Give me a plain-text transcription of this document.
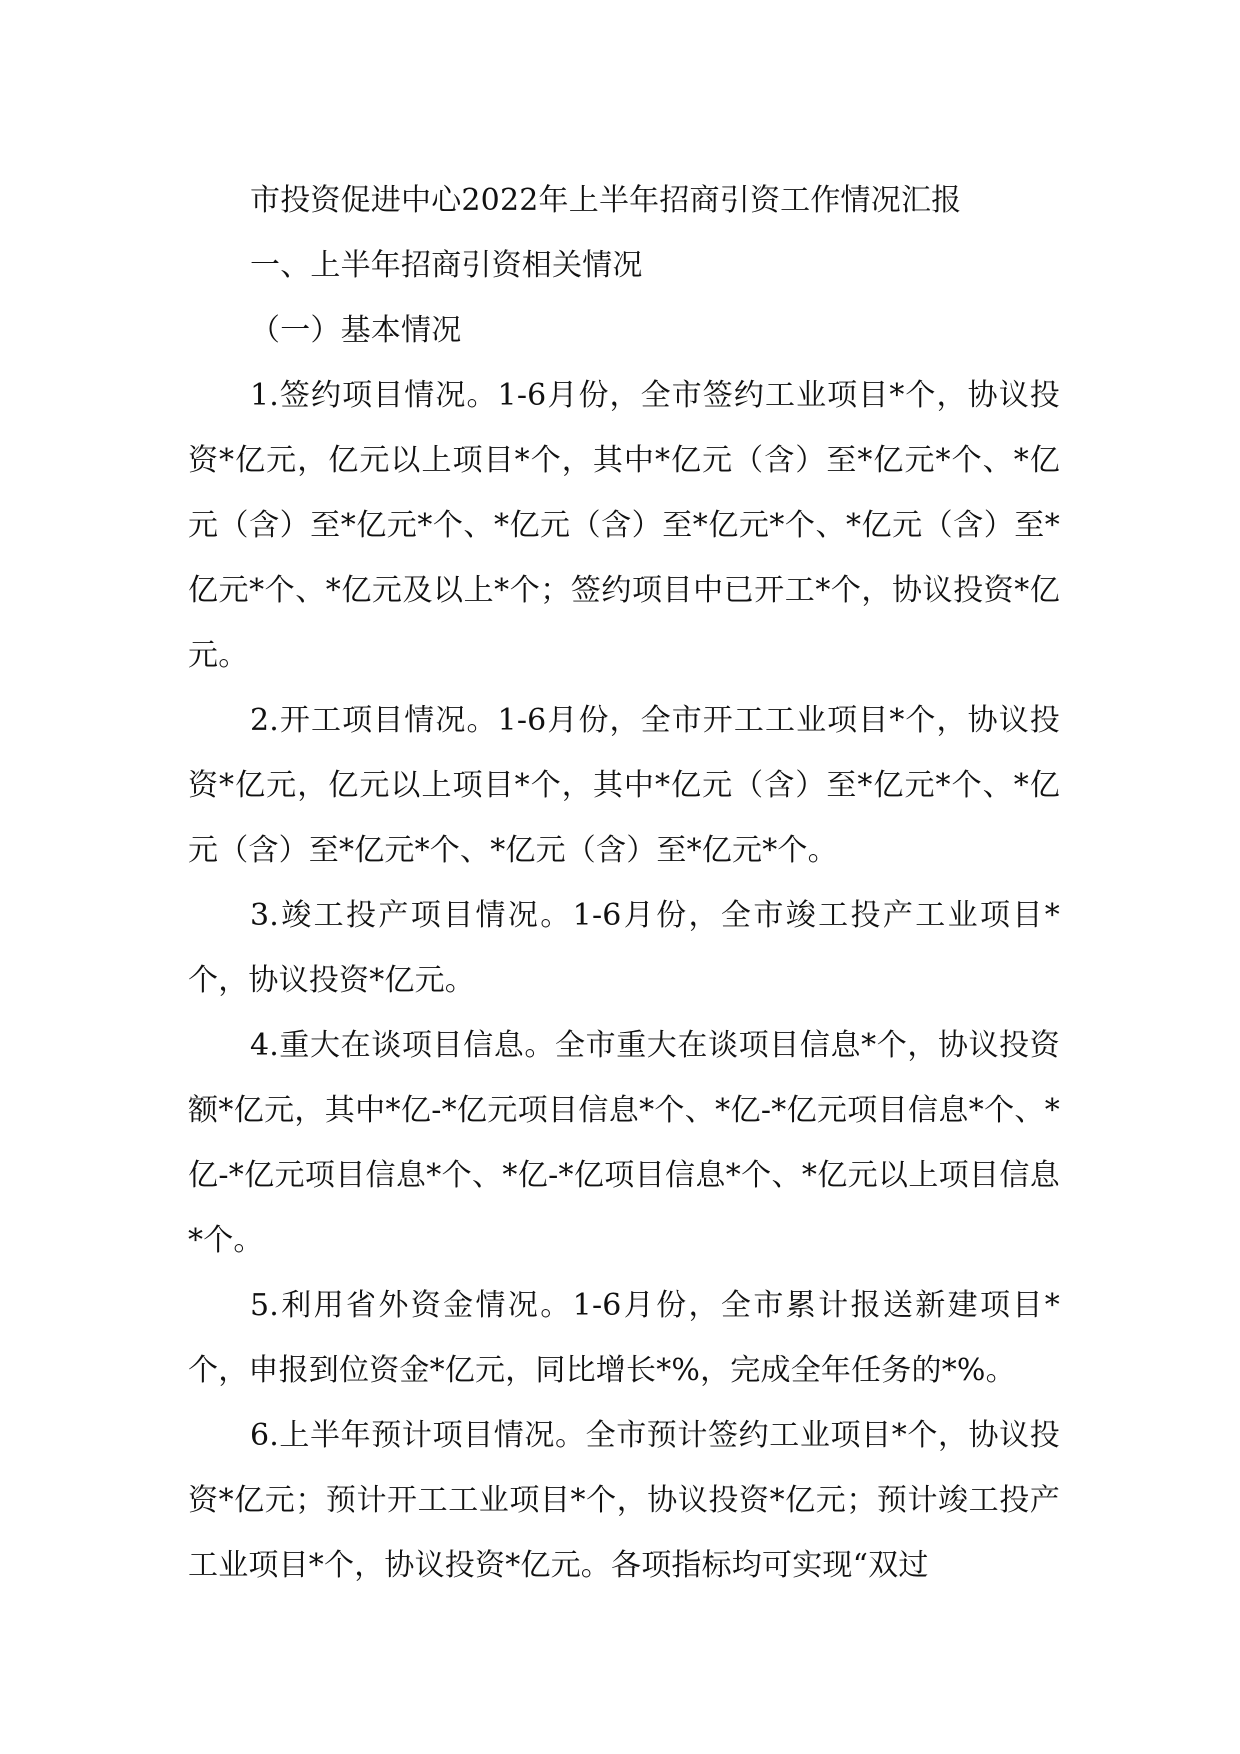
市投资促进中心2022年上半年招商引资工作情况汇报

一、上半年招商引资相关情况

（一）基本情况

1.签约项目情况。1-6月份，全市签约工业项目*个，协议投资*亿元，亿元以上项目*个，其中*亿元（含）至*亿元*个、*亿元（含）至*亿元*个、*亿元（含）至*亿元*个、*亿元（含）至*亿元*个、*亿元及以上*个；签约项目中已开工*个，协议投资*亿元。

2.开工项目情况。1-6月份，全市开工工业项目*个，协议投资*亿元，亿元以上项目*个，其中*亿元（含）至*亿元*个、*亿元（含）至*亿元*个、*亿元（含）至*亿元*个。

3.竣工投产项目情况。1-6月份，全市竣工投产工业项目*个，协议投资*亿元。

4.重大在谈项目信息。全市重大在谈项目信息*个，协议投资额*亿元，其中*亿-*亿元项目信息*个、*亿-*亿元项目信息*个、*亿-*亿元项目信息*个、*亿-*亿项目信息*个、*亿元以上项目信息*个。

5.利用省外资金情况。1-6月份，全市累计报送新建项目*个，申报到位资金*亿元，同比增长*%，完成全年任务的*%。

6.上半年预计项目情况。全市预计签约工业项目*个，协议投资*亿元；预计开工工业项目*个，协议投资*亿元；预计竣工投产工业项目*个，协议投资*亿元。各项指标均可实现“双过
